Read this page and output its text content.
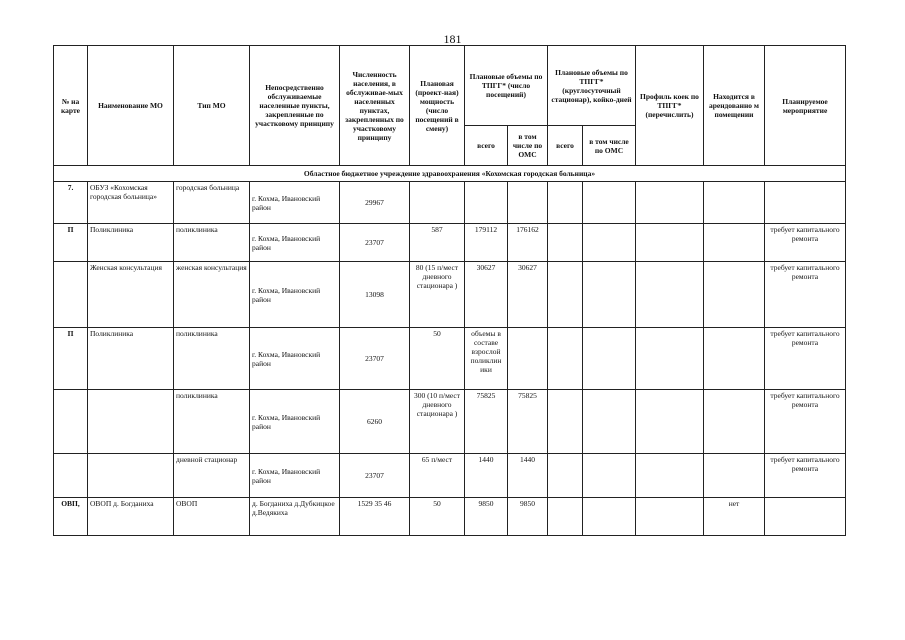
181
№ на карте	Наименование МО	Тип МО	Непосредственно обслуживаемые населенные пункты, закрепленные по участковому принципу	Численность населения, в обслуживае-мых населенных пунктах, закрепленных по участковому принципу	Плановая (проект-ная) мощность (число посещений в смену)	Плановые объемы по ТПГГ* (число посещений)		Плановые объемы по ТПГГ* (круглосуточный стационар), койко-дней		Профиль коек по ТПГГ* (перечислить)	Находится в арендованно м помещении	Планируемое мероприятие
						всего	в том числе по ОМС	всего	в том числе по ОМС			
Областное бюджетное учреждение здравоохранения «Кохомская городская больница»												
7.	ОБУЗ «Кохомская городская больница»	городская больница	г. Кохма, Ивановский район	29967								
П	Поликлиника	поликлиника	г. Кохма, Ивановский район	23707	587	179112	176162					требует капитального ремонта
	Женская консультация	женская консультация	г. Кохма, Ивановский район	13098	80 (15 п/мест дневного стационара )	30627	30627					требует капитального ремонта
П	Поликлиника	поликлиника	г. Кохма, Ивановский район	23707	50	объемы в составе взрослой поликлин ики						требует капитального ремонта
		поликлиника	г. Кохма, Ивановский район	6260	300 (10 п/мест дневного стационара )	75825	75825					требует капитального ремонта
		дневной стационар	г. Кохма, Ивановский район	23707	65 п/мест	1440	1440					требует капитального ремонта
ОВП,	ОВОП д. Богданиха	ОВОП	д. Богданиха д.Дубкицкое д.Ведякиха	1529 35 46	50	9850	9850				нет	
